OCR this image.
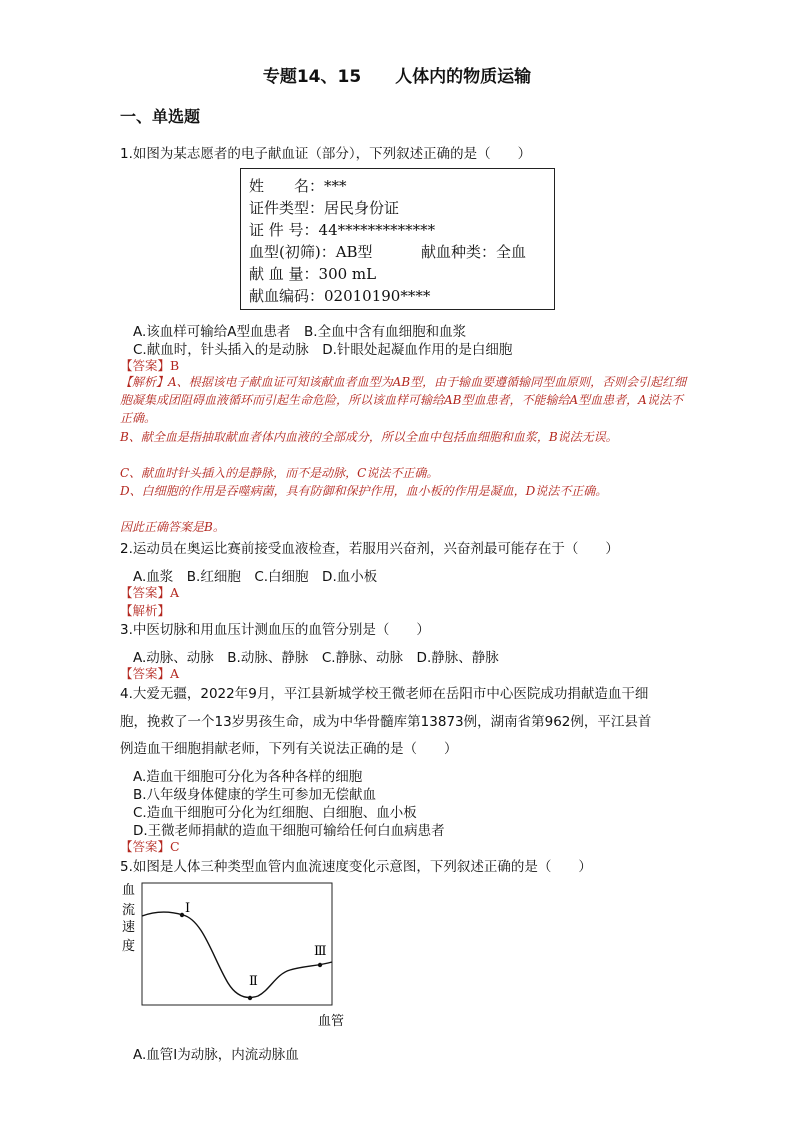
专题14、15　　人体内的物质运输
一、单选题
1.如图为某志愿者的电子献血证（部分），下列叙述正确的是（　　）
姓　　名：***
证件类型：居民身份证
证 件 号：44*************
血型(初筛)：AB型	献血种类：全血
献 血 量：300 mL
献血编码：02010190****
A.该血样可输给A型血患者　B.全血中含有血细胞和血浆
C.献血时，针头插入的是动脉　D.针眼处起凝血作用的是白细胞
【答案】B
【解析】A、根据该电子献血证可知该献血者血型为AB型，由于输血要遵循输同型血原则，否则会引起红细胞凝集成团阻碍血液循环而引起生命危险，所以该血样可输给AB型血患者，不能输给A型血患者，A说法不正确。
B、献全血是指抽取献血者体内血液的全部成分，所以全血中包括血细胞和血浆，B说法无误。
C、献血时针头插入的是静脉，而不是动脉，C说法不正确。
D、白细胞的作用是吞噬病菌，具有防御和保护作用，血小板的作用是凝血，D说法不正确。
因此正确答案是B。
2.运动员在奥运比赛前接受血液检查，若服用兴奋剂，兴奋剂最可能存在于（　　）
A.血浆　B.红细胞　C.白细胞　D.血小板
【答案】A
【解析】
3.中医切脉和用血压计测血压的血管分别是（　　）
A.动脉、动脉　B.动脉、静脉　C.静脉、动脉　D.静脉、静脉
【答案】A
4.大爱无疆，2022年9月，平江县新城学校王微老师在岳阳市中心医院成功捐献造血干细
胞，挽救了一个13岁男孩生命，成为中华骨髓库第13873例，湖南省第962例，平江县首
例造血干细胞捐献老师，下列有关说法正确的是（　　）
A.造血干细胞可分化为各种各样的细胞
B.八年级身体健康的学生可参加无偿献血
C.造血干细胞可分化为红细胞、白细胞、血小板
D.王微老师捐献的造血干细胞可输给任何白血病患者
【答案】C
5.如图是人体三种类型血管内血流速度变化示意图，下列叙述正确的是（　　）
血
流
速
度
Ⅰ
Ⅱ
Ⅲ
血管
A.血管Ⅰ为动脉，内流动脉血
